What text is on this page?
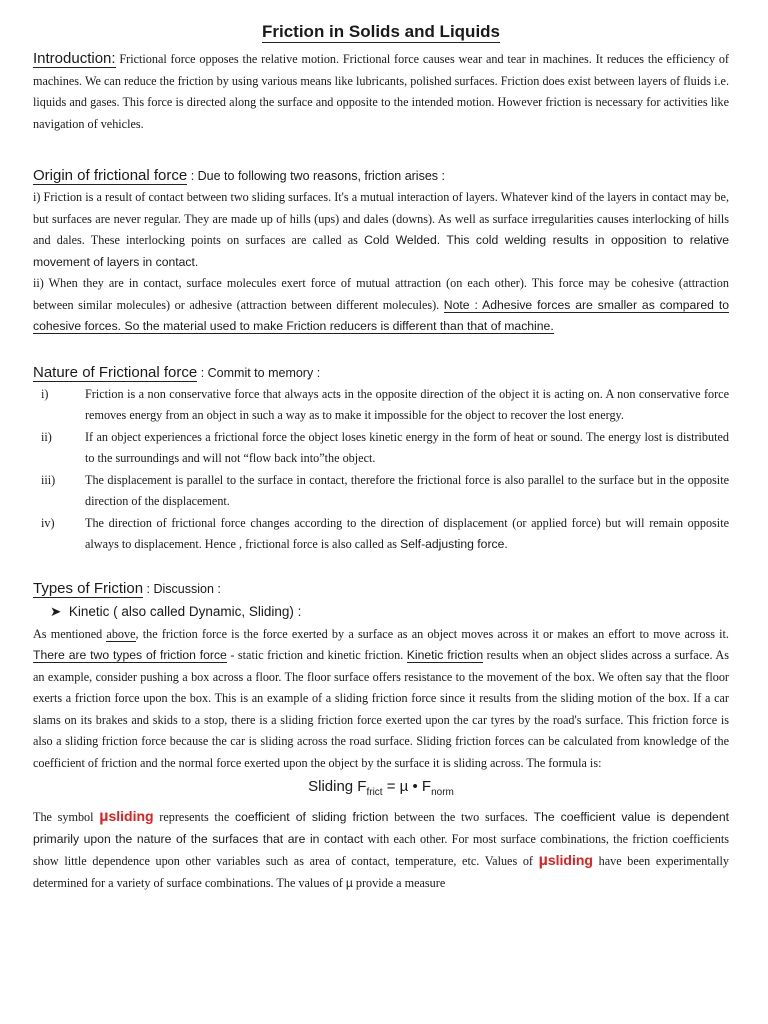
Friction in Solids and Liquids

Introduction: Frictional force opposes the relative motion. Frictional force causes wear and tear in machines. It reduces the efficiency of machines. We can reduce the friction by using various means like lubricants, polished surfaces. Friction does exist between layers of fluids i.e. liquids and gases. This force is directed along the surface and opposite to the intended motion. However friction is necessary for activities like navigation of vehicles.

Origin of frictional force : Due to following two reasons, friction arises :

i) Friction is a result of contact between two sliding surfaces. It's a mutual interaction of layers. Whatever kind of the layers in contact may be, but surfaces are never regular. They are made up of hills (ups) and dales (downs). As well as surface irregularities causes interlocking of hills and dales. These interlocking points on surfaces are called as Cold Welded. This cold welding results in opposition to relative movement of layers in contact.

ii) When they are in contact, surface molecules exert force of mutual attraction (on each other). This force may be cohesive (attraction between similar molecules) or adhesive (attraction between different molecules). Note : Adhesive forces are smaller as compared to cohesive forces. So the material used to make Friction reducers is different than that of machine.

Nature of Frictional force : Commit to memory :
i)	Friction is a non conservative force that always acts in the opposite direction of the object it is acting on. A non conservative force removes energy from an object in such a way as to make it impossible for the object to recover the lost energy.
ii)	If an object experiences a frictional force the object loses kinetic energy in the form of heat or sound. The energy lost is distributed to the surroundings and will not “flow back into”the object.
iii)	The displacement is parallel to the surface in contact, therefore the frictional force is also parallel to the surface but in the opposite direction of the displacement.
iv)	The direction of frictional force changes according to the direction of displacement (or applied force) but will remain opposite always to displacement. Hence , frictional force is also called as Self-adjusting force.
Types of Friction : Discussion :
➤ Kinetic ( also called Dynamic, Sliding) :

As mentioned above, the friction force is the force exerted by a surface as an object moves across it or makes an effort to move across it. There are two types of friction force - static friction and kinetic friction. Kinetic friction results when an object slides across a surface. As an example, consider pushing a box across a floor. The floor surface offers resistance to the movement of the box. We often say that the floor exerts a friction force upon the box. This is an example of a sliding friction force since it results from the sliding motion of the box. If a car slams on its brakes and skids to a stop, there is a sliding friction force exerted upon the car tyres by the road's surface. This friction force is also a sliding friction force because the car is sliding across the road surface. Sliding friction forces can be calculated from knowledge of the coefficient of friction and the normal force exerted upon the object by the surface it is sliding across. The formula is:

Sliding $F_{frict} = \mu$ • $F_{norm}$

The symbol µsliding represents the coefficient of sliding friction between the two surfaces. The coefficient value is dependent primarily upon the nature of the surfaces that are in contact with each other. For most surface combinations, the friction coefficients show little dependence upon other variables such as area of contact, temperature, etc. Values of µsliding have been experimentally determined for a variety of surface combinations. The values of µ provide a measure
